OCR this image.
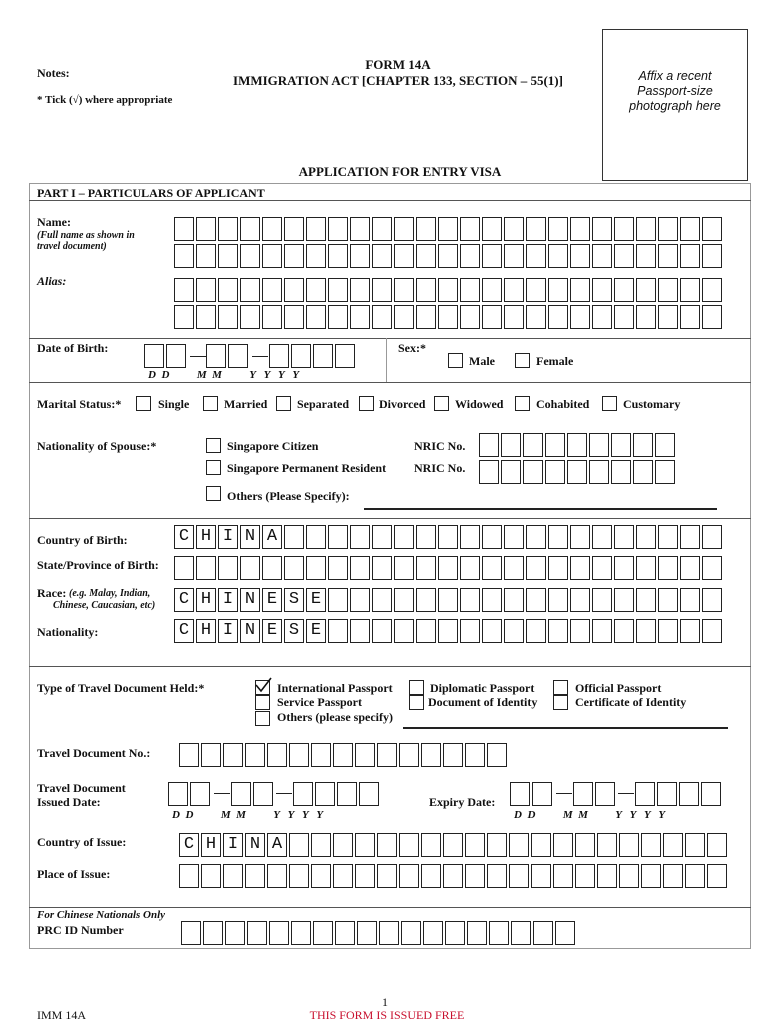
Notes:
* Tick (√) where appropriate
FORM 14A
IMMIGRATION ACT [CHAPTER 133, SECTION – 55(1)]	Affix a recent
Passport-size
photograph here
APPLICATION FOR ENTRY VISA
PART I – PARTICULARS OF APPLICANT
Name:
(Full name as shown in
travel document)
Alias:
Date of Birth:
D  D          M  M          Y   Y   Y   Y
Sex:*
Male	Female
Marital Status:*	Single	Married Separated	Divorced Widowed	Cohabited	Customary
Nationality of Spouse:*	Singapore Citizen	NRIC No.
Singapore Permanent Resident NRIC No.
Others (Please Specify):
Country of Birth:	C H I N A
State/Province of Birth:
Race: (e.g. Malay, Indian,
Chinese, Caucasian, etc) C H I N E S E
Nationality:	C H I N E S E
Type of Travel Document Held:*	International Passport	Diplomatic Passport	Official Passport
Service Passport	Document of Identity	Certificate of Identity
Others (please specify)
Travel Document No.:
Travel Document
Issued Date:
D  D          M  M          Y   Y   Y   Y
Expiry Date:
D  D          M  M          Y   Y   Y   Y
Country of Issue:	C H I N A
Place of Issue:
For Chinese Nationals Only
PRC ID Number
1
IMM 14A	THIS FORM IS ISSUED FREE
